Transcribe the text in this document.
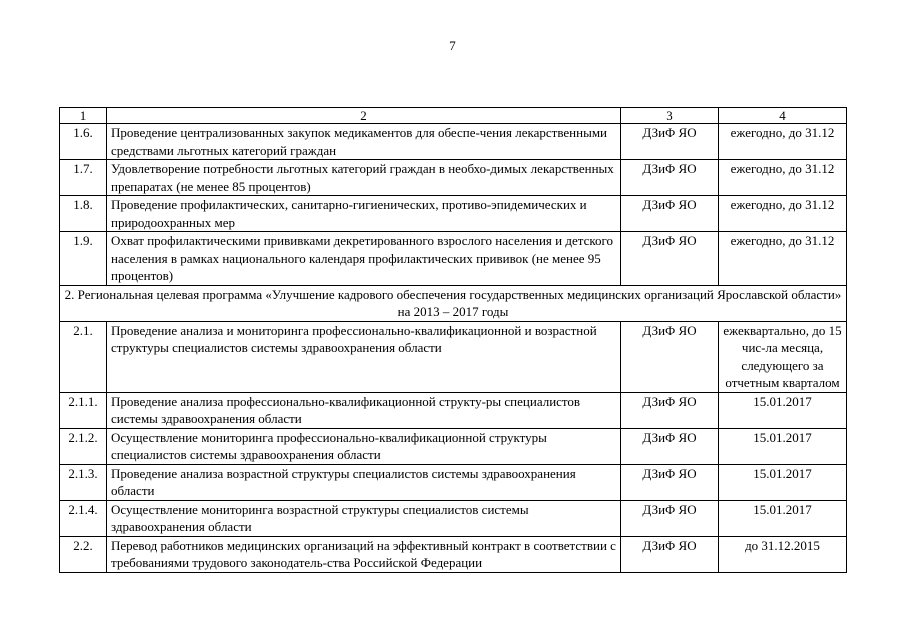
7
1	2	3	4
1.6.	Проведение централизованных закупок медикаментов для обеспе-чения лекарственными средствами льготных категорий граждан	ДЗиФ ЯО	ежегодно, до 31.12
1.7.	Удовлетворение потребности льготных категорий граждан в необхо-димых лекарственных препаратах (не менее 85 процентов)	ДЗиФ ЯО	ежегодно, до 31.12
1.8.	Проведение профилактических, санитарно-гигиенических, противо-эпидемических и природоохранных мер	ДЗиФ ЯО	ежегодно, до 31.12
1.9.	Охват профилактическими прививками декретированного взрослого населения и детского населения в рамках национального календаря профилактических прививок (не менее 95 процентов)	ДЗиФ ЯО	ежегодно, до 31.12
2. Региональная целевая программа «Улучшение кадрового обеспечения государственных медицинских организаций Ярославской области» на 2013 – 2017 годы			
2.1.	Проведение анализа и мониторинга профессионально-квалификационной и возрастной структуры специалистов системы здравоохранения области	ДЗиФ ЯО	ежеквартально, до 15 чис-ла месяца, следующего за отчетным кварталом
2.1.1.	Проведение анализа профессионально-квалификационной структу-ры специалистов системы здравоохранения области	ДЗиФ ЯО	15.01.2017
2.1.2.	Осуществление мониторинга профессионально-квалификационной структуры специалистов системы здравоохранения области	ДЗиФ ЯО	15.01.2017
2.1.3.	Проведение анализа возрастной структуры специалистов системы здравоохранения области	ДЗиФ ЯО	15.01.2017
2.1.4.	Осуществление мониторинга возрастной структуры специалистов системы здравоохранения области	ДЗиФ ЯО	15.01.2017
2.2.	Перевод работников медицинских организаций на эффективный контракт в соответствии с требованиями трудового законодатель-ства Российской Федерации	ДЗиФ ЯО	до 31.12.2015
